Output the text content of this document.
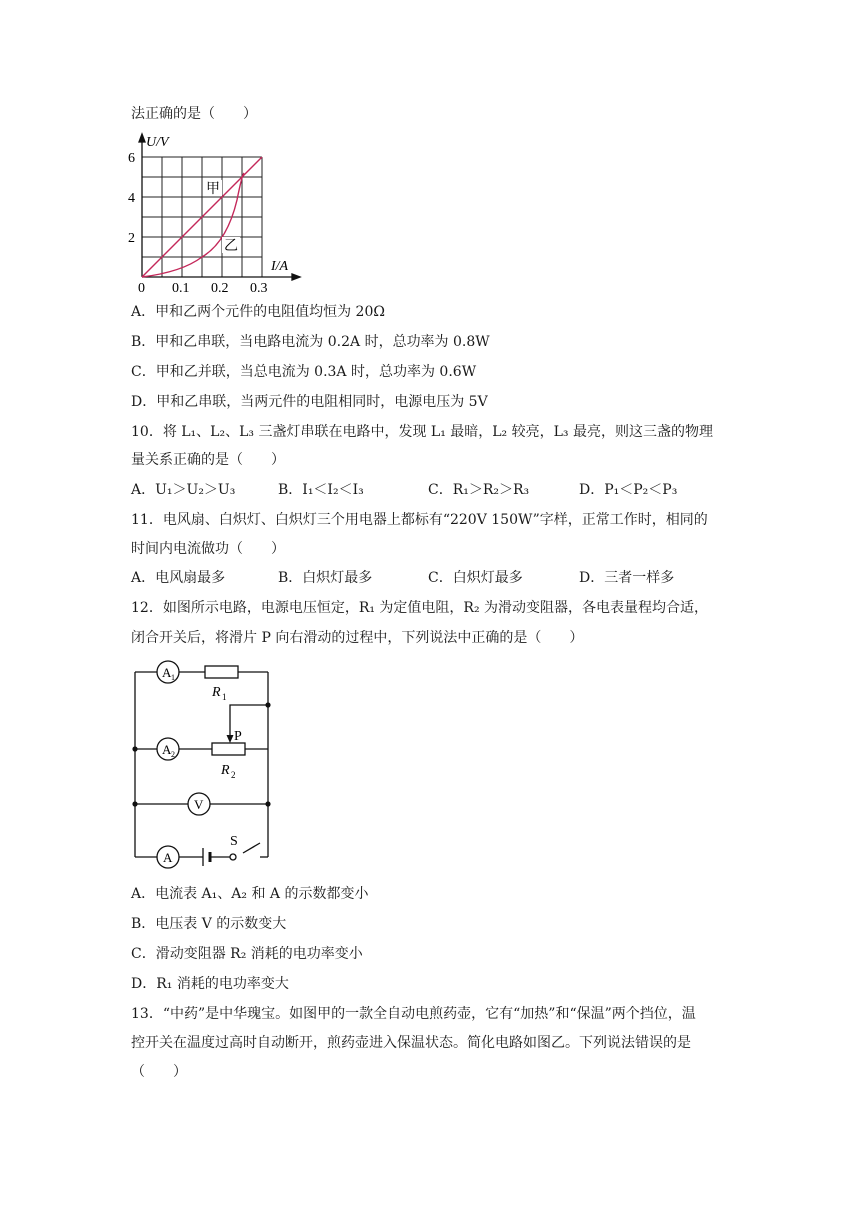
法正确的是（　　）
U/V
I/A
6
4
2
0 0.1 0.2 0.3
甲
乙
A．甲和乙两个元件的电阻值均恒为 20Ω
B．甲和乙串联，当电路电流为 0.2A 时，总功率为 0.8W
C．甲和乙并联，当总电流为 0.3A 时，总功率为 0.6W
D．甲和乙串联，当两元件的电阻相同时，电源电压为 5V
10．将 L₁、L₂、L₃ 三盏灯串联在电路中，发现 L₁ 最暗，L₂ 较亮，L₃ 最亮，则这三盏的物理
量关系正确的是（　　）
A．U₁＞U₂＞U₃	B．I₁＜I₂＜I₃	C．R₁＞R₂＞R₃	D．P₁＜P₂＜P₃
11．电风扇、白炽灯、白炽灯三个用电器上都标有“220V 150W”字样，正常工作时，相同的
时间内电流做功（　　）
A．电风扇最多	B．白炽灯最多	C．白炽灯最多	D．三者一样多
12．如图所示电路，电源电压恒定，R₁ 为定值电阻，R₂ 为滑动变阻器，各电表量程均合适，
闭合开关后，将滑片 P 向右滑动的过程中，下列说法中正确的是（　　）
A 1
A 2
V
A
R 1
R 2
P
S
A．电流表 A₁、A₂ 和 A 的示数都变小
B．电压表 V 的示数变大
C．滑动变阻器 R₂ 消耗的电功率变小
D．R₁ 消耗的电功率变大
13．“中药”是中华瑰宝。如图甲的一款全自动电煎药壶，它有“加热”和“保温”两个挡位，温
控开关在温度过高时自动断开，煎药壶进入保温状态。简化电路如图乙。下列说法错误的是
（　　）
